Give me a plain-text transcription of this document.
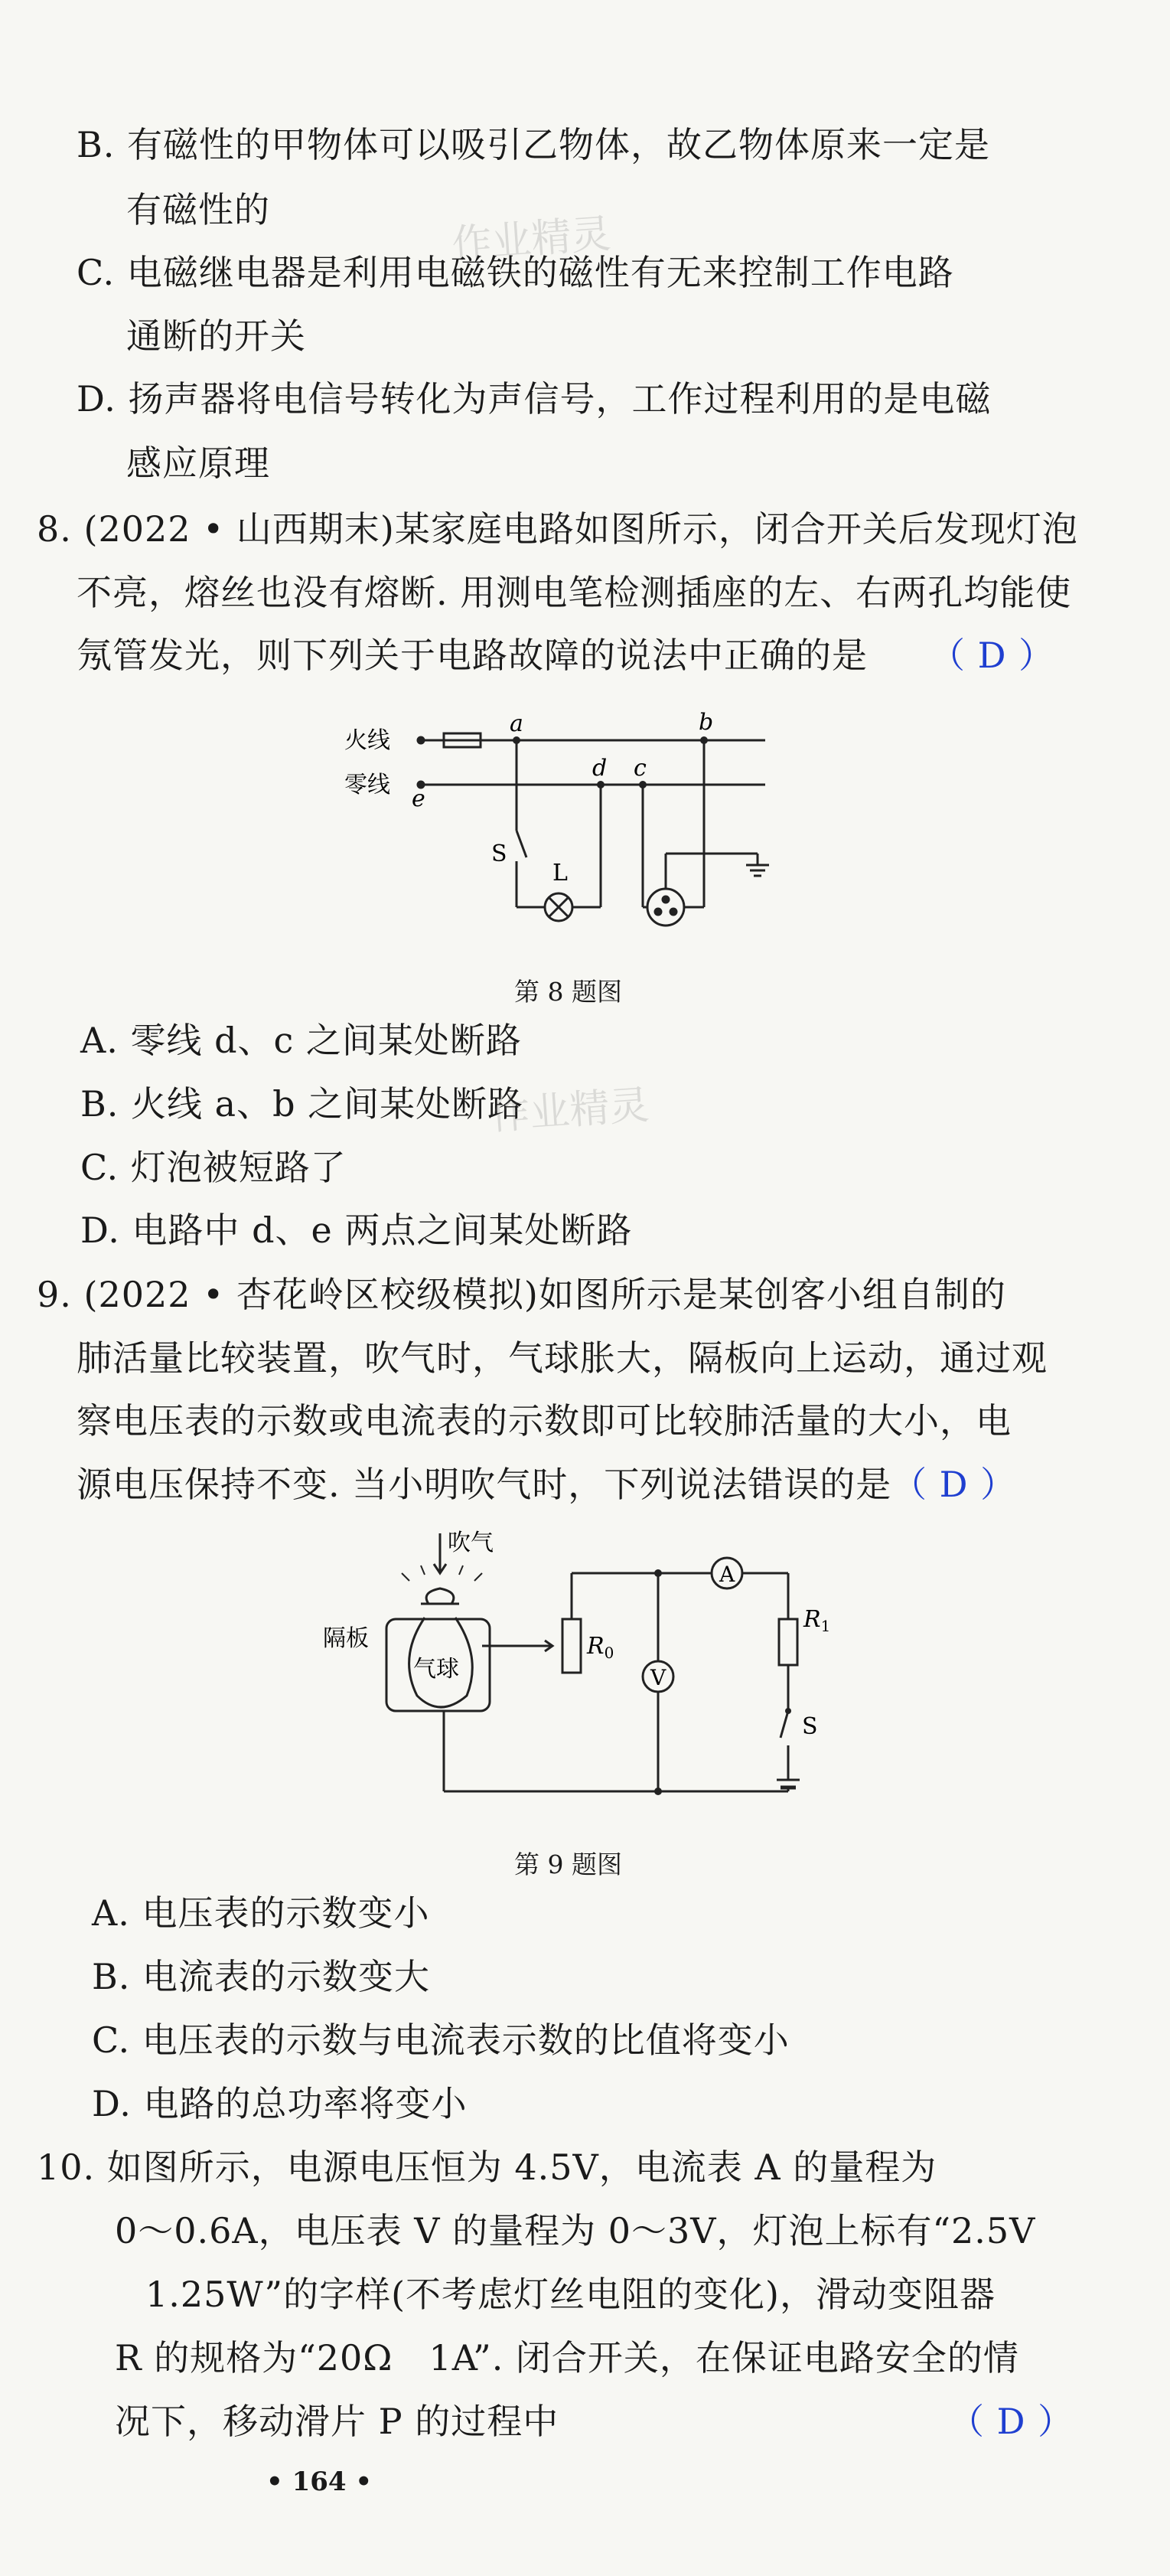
B. 有磁性的甲物体可以吸引乙物体，故乙物体原来一定是
有磁性的
作业精灵
C. 电磁继电器是利用电磁铁的磁性有无来控制工作电路
通断的开关
D. 扬声器将电信号转化为声信号，工作过程利用的是电磁
感应原理
8. (2022 • 山西期末)某家庭电路如图所示，闭合开关后发现灯泡
不亮，熔丝也没有熔断. 用测电笔检测插座的左、右两孔均能使
氖管发光，则下列关于电路故障的说法中正确的是 （ D ）
火线
零线
a	b
c
d
e
S
L
第 8 题图
A. 零线 d、c 之间某处断路
B. 火线 a、b 之间某处断路
作业精灵
C. 灯泡被短路了
D. 电路中 d、e 两点之间某处断路
9. (2022 • 杏花岭区校级模拟)如图所示是某创客小组自制的
肺活量比较装置，吹气时，气球胀大，隔板向上运动，通过观
察电压表的示数或电流表的示数即可比较肺活量的大小，电
源电压保持不变. 当小明吹气时，下列说法错误的是 （ D ）
吹气
隔板
气球
$R_0$
$R_1$
A
V
S
第 9 题图
A. 电压表的示数变小
B. 电流表的示数变大
C. 电压表的示数与电流表示数的比值将变小
D. 电路的总功率将变小
10. 如图所示，电源电压恒为 4.5V，电流表 A 的量程为
0～0.6A，电压表 V 的量程为 0～3V，灯泡上标有“2.5V
1.25W”的字样(不考虑灯丝电阻的变化)，滑动变阻器
R 的规格为“20Ω　1A”. 闭合开关，在保证电路安全的情
况下，移动滑片 P 的过程中	（ D ）
• 164 •
